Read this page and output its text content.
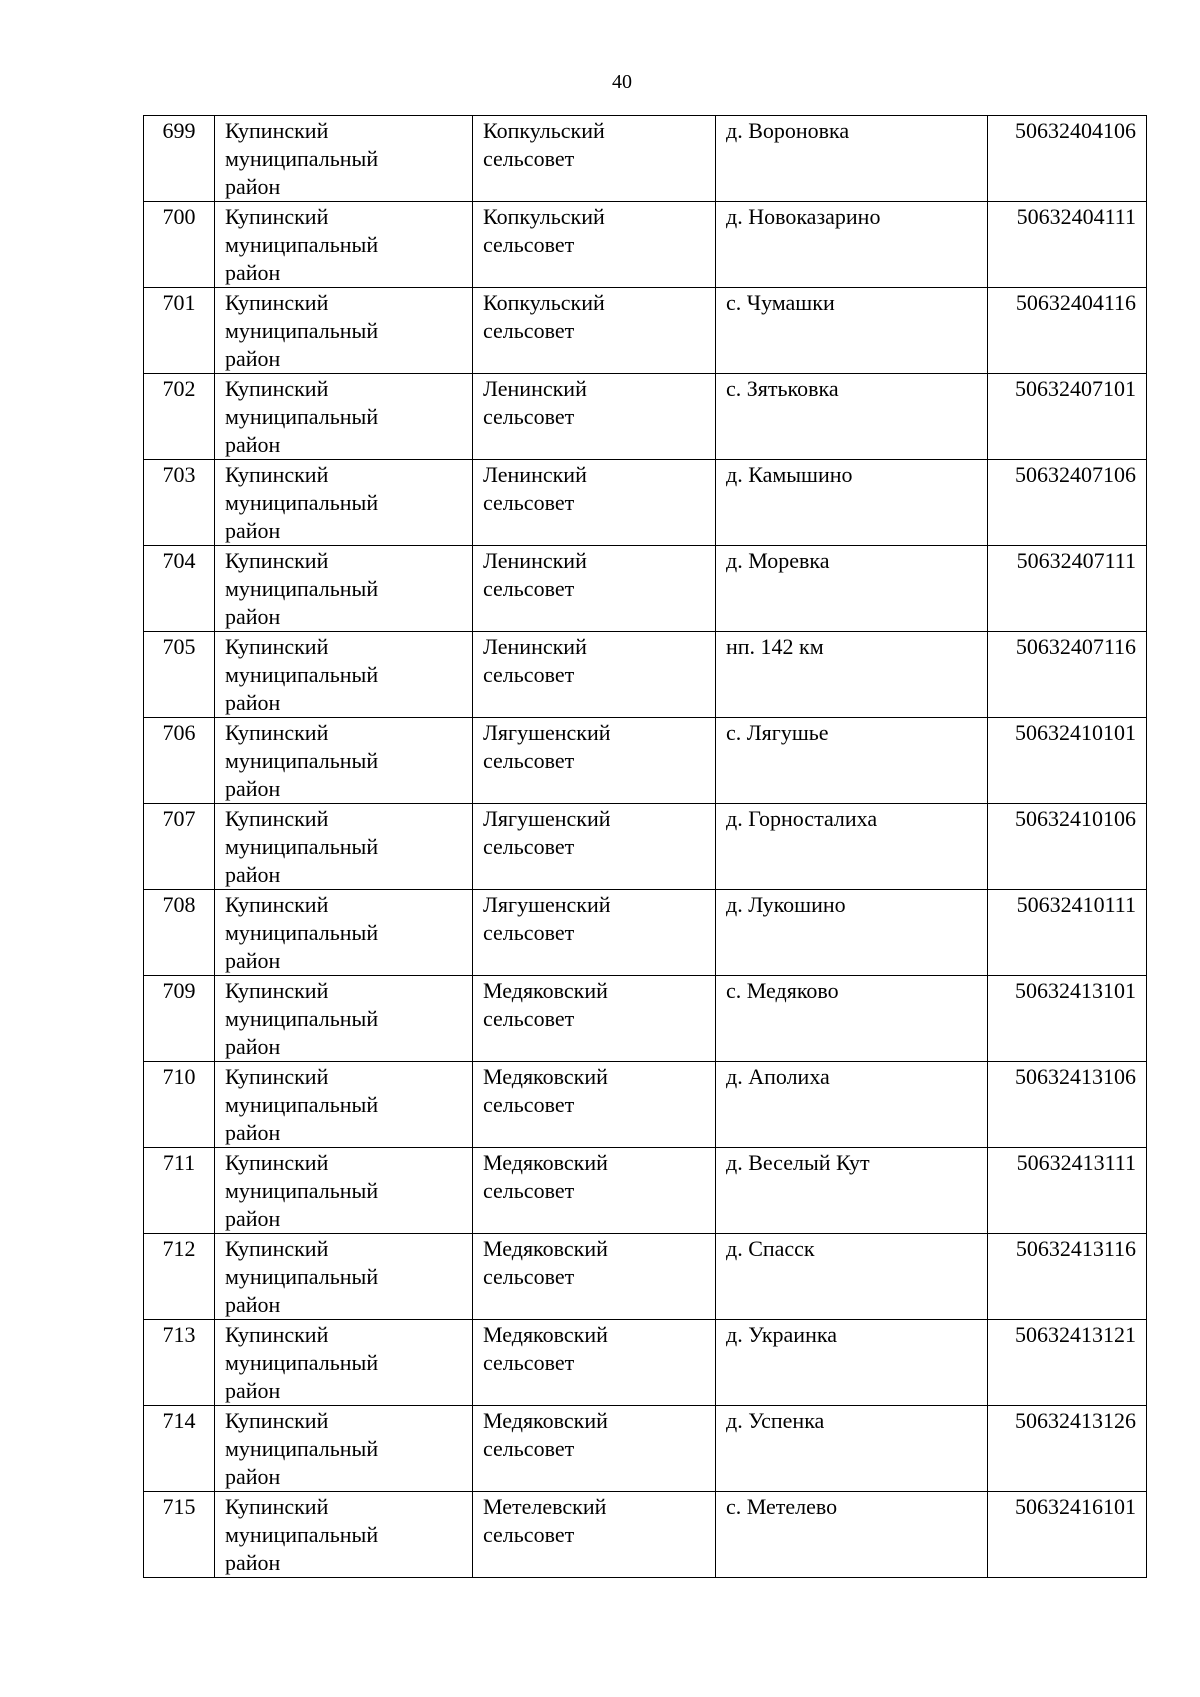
40
699	Купинский
муниципальный
район	Копкульский
сельсовет	д. Вороновка	50632404106

700	Купинский
муниципальный
район	Копкульский
сельсовет	д. Новоказарино	50632404111

701	Купинский
муниципальный
район	Копкульский
сельсовет	с. Чумашки	50632404116

702	Купинский
муниципальный
район	Ленинский
сельсовет	с. Зятьковка	50632407101

703	Купинский
муниципальный
район	Ленинский
сельсовет	д. Камышино	50632407106

704	Купинский
муниципальный
район	Ленинский
сельсовет	д. Моревка	50632407111

705	Купинский
муниципальный
район	Ленинский
сельсовет	нп. 142 км	50632407116

706	Купинский
муниципальный
район	Лягушенский
сельсовет	с. Лягушье	50632410101

707	Купинский
муниципальный
район	Лягушенский
сельсовет	д. Горносталиха	50632410106

708	Купинский
муниципальный
район	Лягушенский
сельсовет	д. Лукошино	50632410111

709	Купинский
муниципальный
район	Медяковский
сельсовет	с. Медяково	50632413101

710	Купинский
муниципальный
район	Медяковский
сельсовет	д. Аполиха	50632413106

711	Купинский
муниципальный
район	Медяковский
сельсовет	д. Веселый Кут	50632413111

712	Купинский
муниципальный
район	Медяковский
сельсовет	д. Спасск	50632413116

713	Купинский
муниципальный
район	Медяковский
сельсовет	д. Украинка	50632413121

714	Купинский
муниципальный
район	Медяковский
сельсовет	д. Успенка	50632413126

715	Купинский
муниципальный
район	Метелевский
сельсовет	с. Метелево	50632416101
